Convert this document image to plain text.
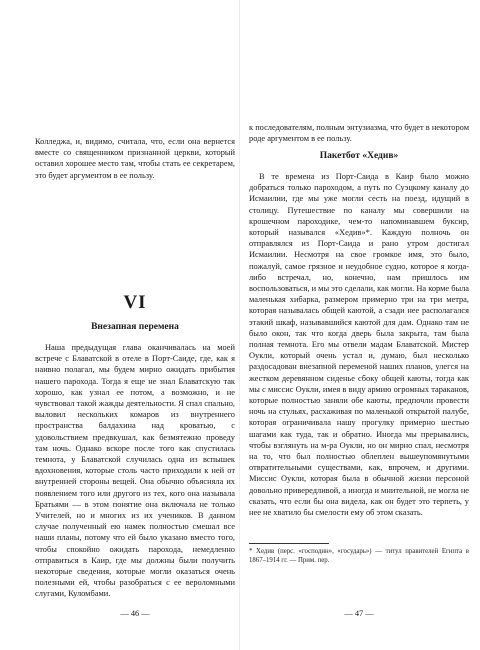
Колледжа, и, видимо, считала, что, если она вернется вместе со священником признанной церкви, который оставил хорошее место там, чтобы стать ее секретарем, это будет аргументом в ее пользу.

VI
Внезапная перемена

Наша предыдущая глава оканчивалась на моей встрече с Блаватской в отеле в Порт-Саиде, где, как я наивно полагал, мы будем мирно ожидать прибытия нашего парохода. Тогда я еще не знал Блаватскую так хорошо, как узнал ее потом, а возможно, и не чувствовал такой жажды деятельности. Я спал спально, выловил нескольких комаров из внутреннего пространства балдахина над кроватью, с удовольствием предвкушал, как безмятежно проведу там ночь. Однако вскоре после того как спустилась темнота, у Блаватской случилась одна из вспышек вдохновения, которые столь часто приходили к ней от внутренней стороны вещей. Она обычно объясняла их появлением того или другого из тех, кого она называла Братьями — в этом понятие она включала не только Учителей, но и многих из их учеников. В данном случае полученный ею намек полностью смешал все наши планы, потому что ей было указано вместо того, чтобы спокойно ожидать парохода, немедленно отправиться в Каир, где мы должны были получить некоторые сведения, которые могли оказаться очень полезными ей, чтобы разобраться с ее вероломными слугами, Куломбами.

— 46 —

к последователям, полным энтузиазма, что будет в некотором роде аргументом в ее пользу.

Пакетбот «Хедив»

В те времена из Порт-Саида в Каир было можно добраться только пароходом, а путь по Суэцкому каналу до Исмаилии, где мы уже могли сесть на поезд, идущий в столицу. Путешествие по каналу мы совершили на крошечном пароходике, чем-то напоминавшем буксир, который назывался «Хедив»*. Каждую полночь он отправлялся из Порт-Саида и рано утром достигал Исмаилии. Несмотря на свое громкое имя, это было, пожалуй, самое грязное и неудобное судно, которое я когда-либо встречал, но, конечно, нам пришлось им воспользоваться, и мы это сделали, как могли. На корме была маленькая хибарка, размером примерно три на три метра, которая называлась общей каютой, а сзади нее располагался этакий шкаф, называвшийся каютой для дам. Однако там не было окон, так что когда дверь была закрыта, там была полная темнота. Его мы отвели мадам Блаватской. Мистер Оукли, который очень устал и, думаю, был несколько раздосадован внезапной переменой наших планов, улегся на жестком деревянном сиденье сбоку общей каюты, тогда как мы с миссис Оукли, имея в виду армию огромных тараканов, которые полностью заняли обе каюты, предпочли провести ночь на стульях, расхаживая по маленькой открытой палубе, которая ограничивала нашу прогулку примерно шестью шагами как туда, так и обратно. Иногда мы прерывались, чтобы взглянуть на м-ра Оукли, но он мирно спал, несмотря на то, что был полностью облеплен вышеупомянутыми отвратительными существами, как, впрочем, и другими. Миссис Оукли, которая была в обычной жизни персоной довольно привередливой, а иногда и мнительной, не могла не сказать, что если бы она видела, как он будет это терпеть, у нее не хватило бы смелости ему об этом сказать.

* Хедив (перс. «господин», «государь») — титул правителей Египта в 1867–1914 гг. — Прим. пер.
— 47 —
